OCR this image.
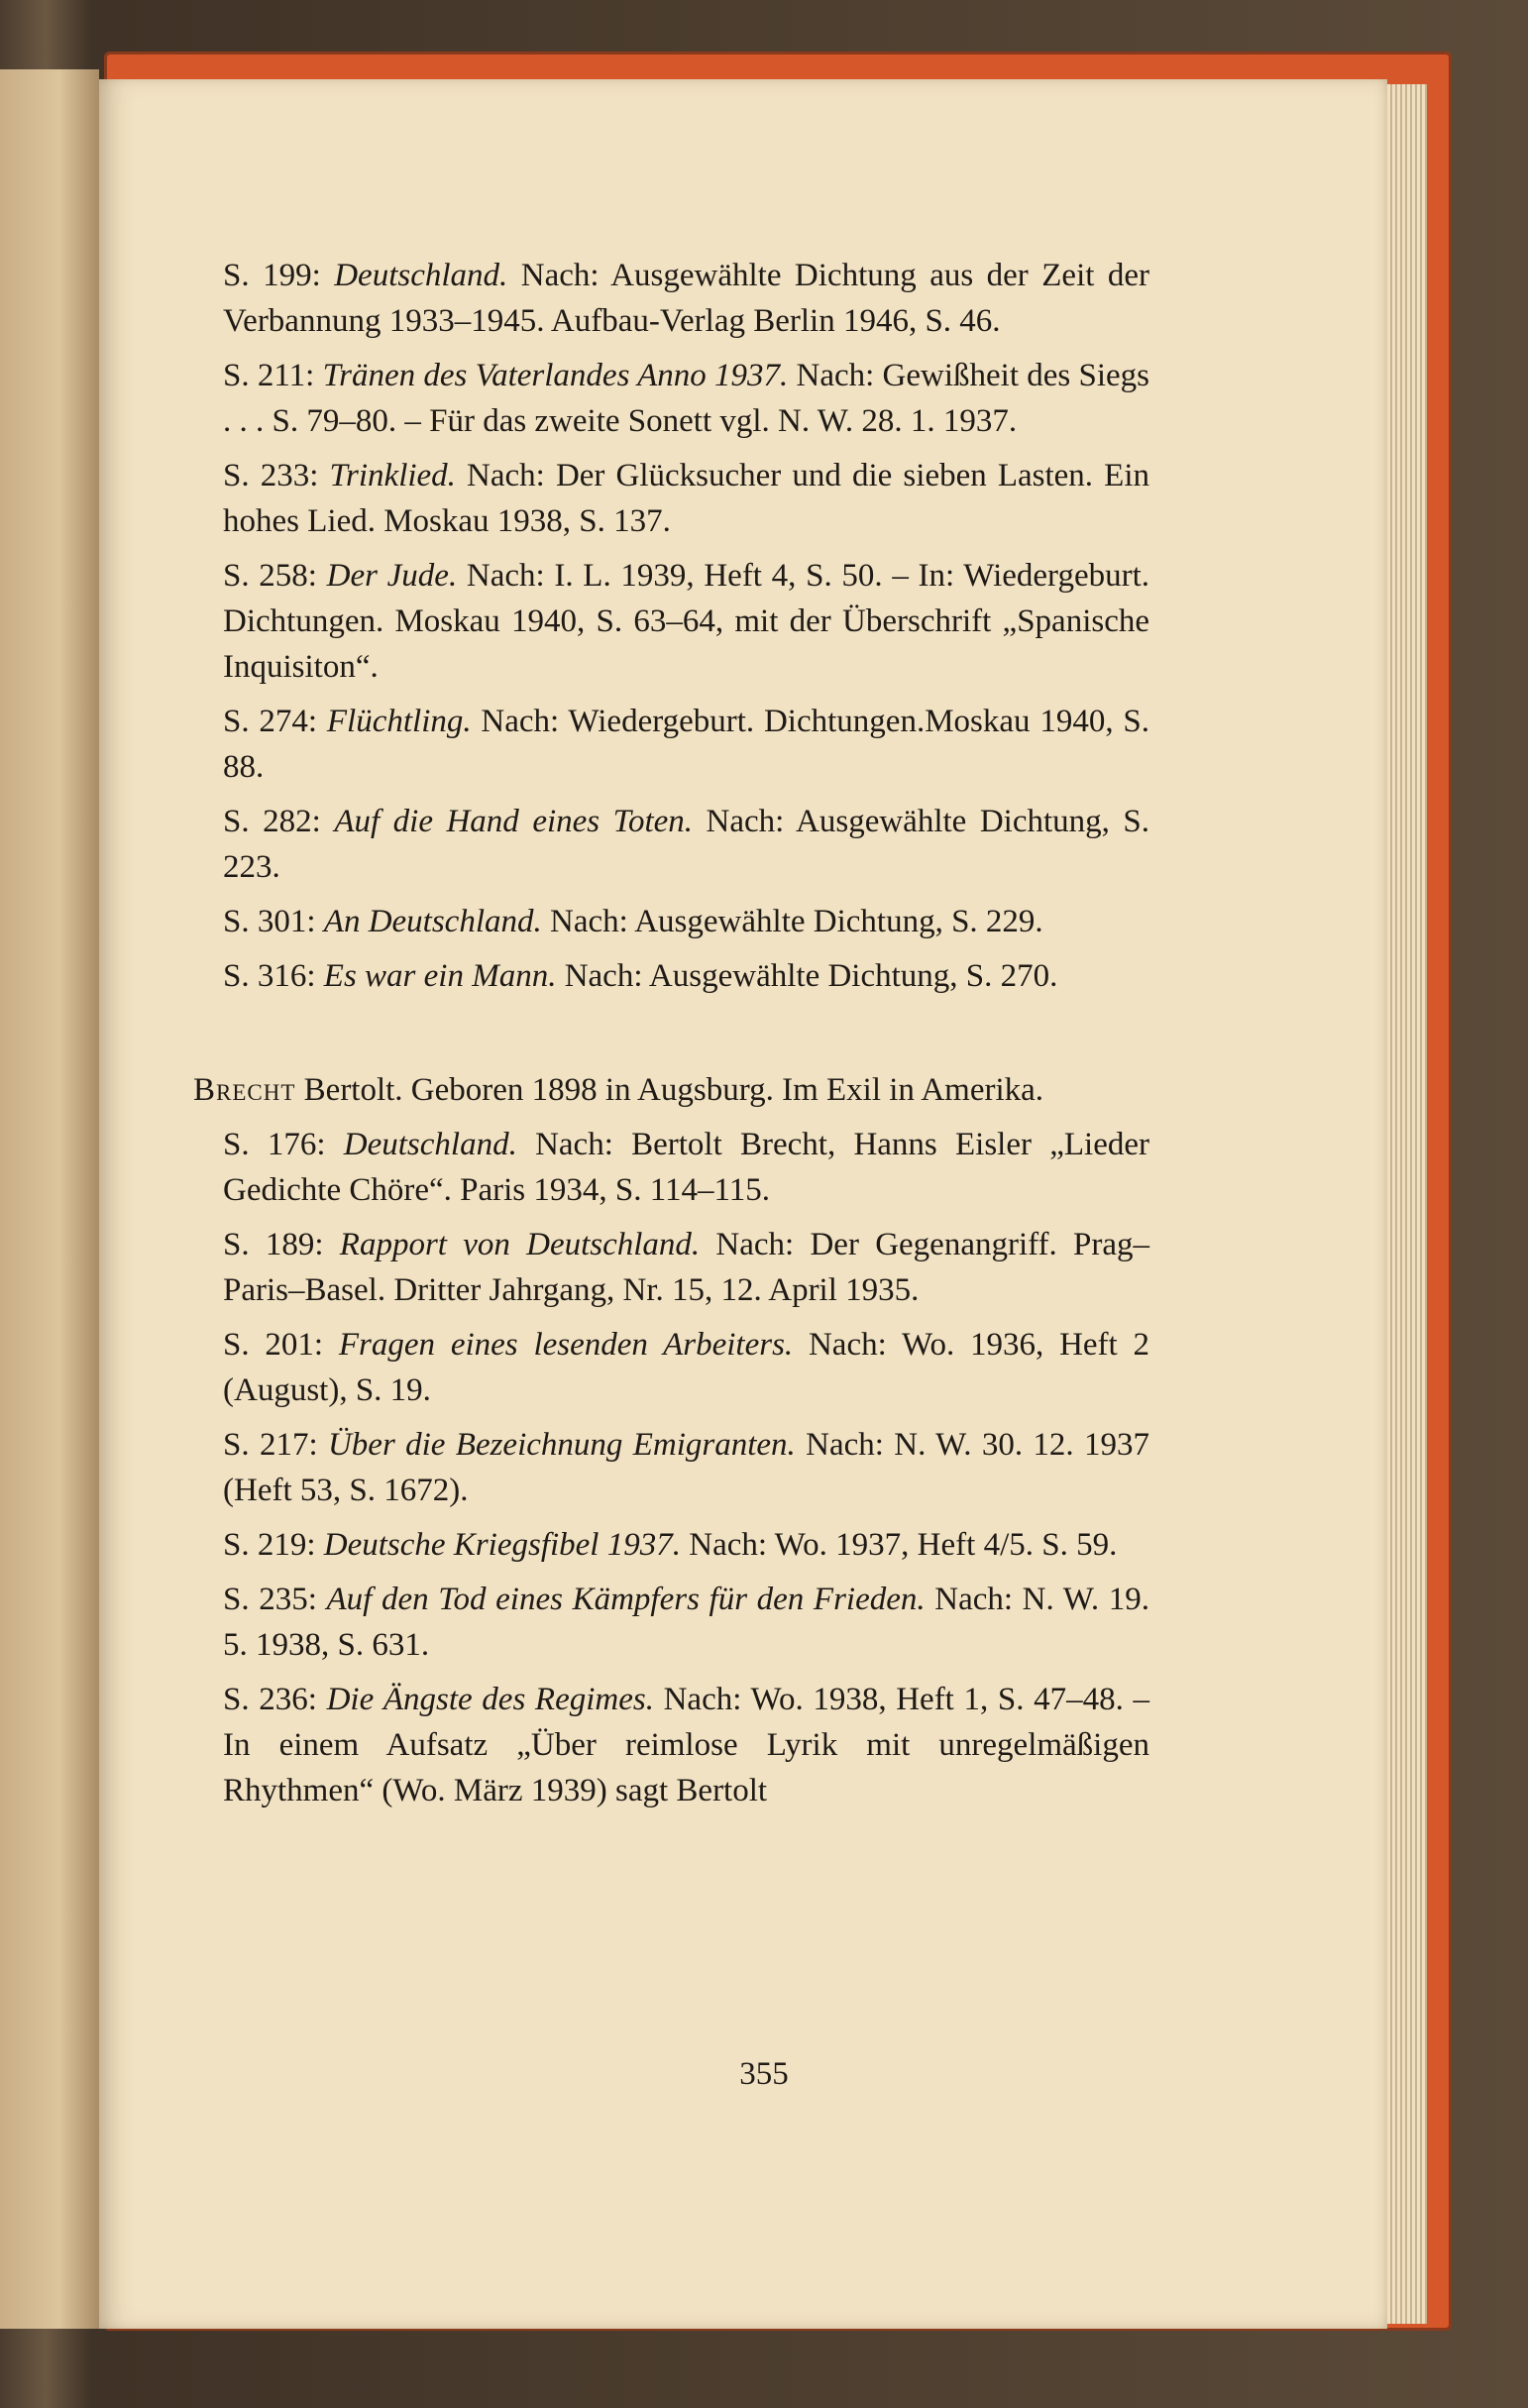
S. 199: Deutschland. Nach: Ausgewählte Dichtung aus der Zeit der Verbannung 1933–1945. Aufbau-Verlag Berlin 1946, S. 46.

S. 211: Tränen des Vaterlandes Anno 1937. Nach: Gewißheit des Siegs . . . S. 79–80. – Für das zweite Sonett vgl. N. W. 28. 1. 1937.

S. 233: Trinklied. Nach: Der Glücksucher und die sieben Lasten. Ein hohes Lied. Moskau 1938, S. 137.

S. 258: Der Jude. Nach: I. L. 1939, Heft 4, S. 50. – In: Wiedergeburt. Dichtungen. Moskau 1940, S. 63–64, mit der Überschrift „Spanische Inquisiton“.

S. 274: Flüchtling. Nach: Wiedergeburt. Dichtungen.Moskau 1940, S. 88.

S. 282: Auf die Hand eines Toten. Nach: Ausgewählte Dichtung, S. 223.

S. 301: An Deutschland. Nach: Ausgewählte Dichtung, S. 229.

S. 316: Es war ein Mann. Nach: Ausgewählte Dichtung, S. 270.

Brecht Bertolt. Geboren 1898 in Augsburg. Im Exil in Amerika.

S. 176: Deutschland. Nach: Bertolt Brecht, Hanns Eisler „Lieder Gedichte Chöre“. Paris 1934, S. 114–115.

S. 189: Rapport von Deutschland. Nach: Der Gegenangriff. Prag–Paris–Basel. Dritter Jahrgang, Nr. 15, 12. April 1935.

S. 201: Fragen eines lesenden Arbeiters. Nach: Wo. 1936, Heft 2 (August), S. 19.

S. 217: Über die Bezeichnung Emigranten. Nach: N. W. 30. 12. 1937 (Heft 53, S. 1672).

S. 219: Deutsche Kriegsfibel 1937. Nach: Wo. 1937, Heft 4/5. S. 59.

S. 235: Auf den Tod eines Kämpfers für den Frieden. Nach: N. W. 19. 5. 1938, S. 631.

S. 236: Die Ängste des Regimes. Nach: Wo. 1938, Heft 1, S. 47–48. – In einem Aufsatz „Über reimlose Lyrik mit unregelmäßigen Rhythmen“ (Wo. März 1939) sagt Bertolt

355
